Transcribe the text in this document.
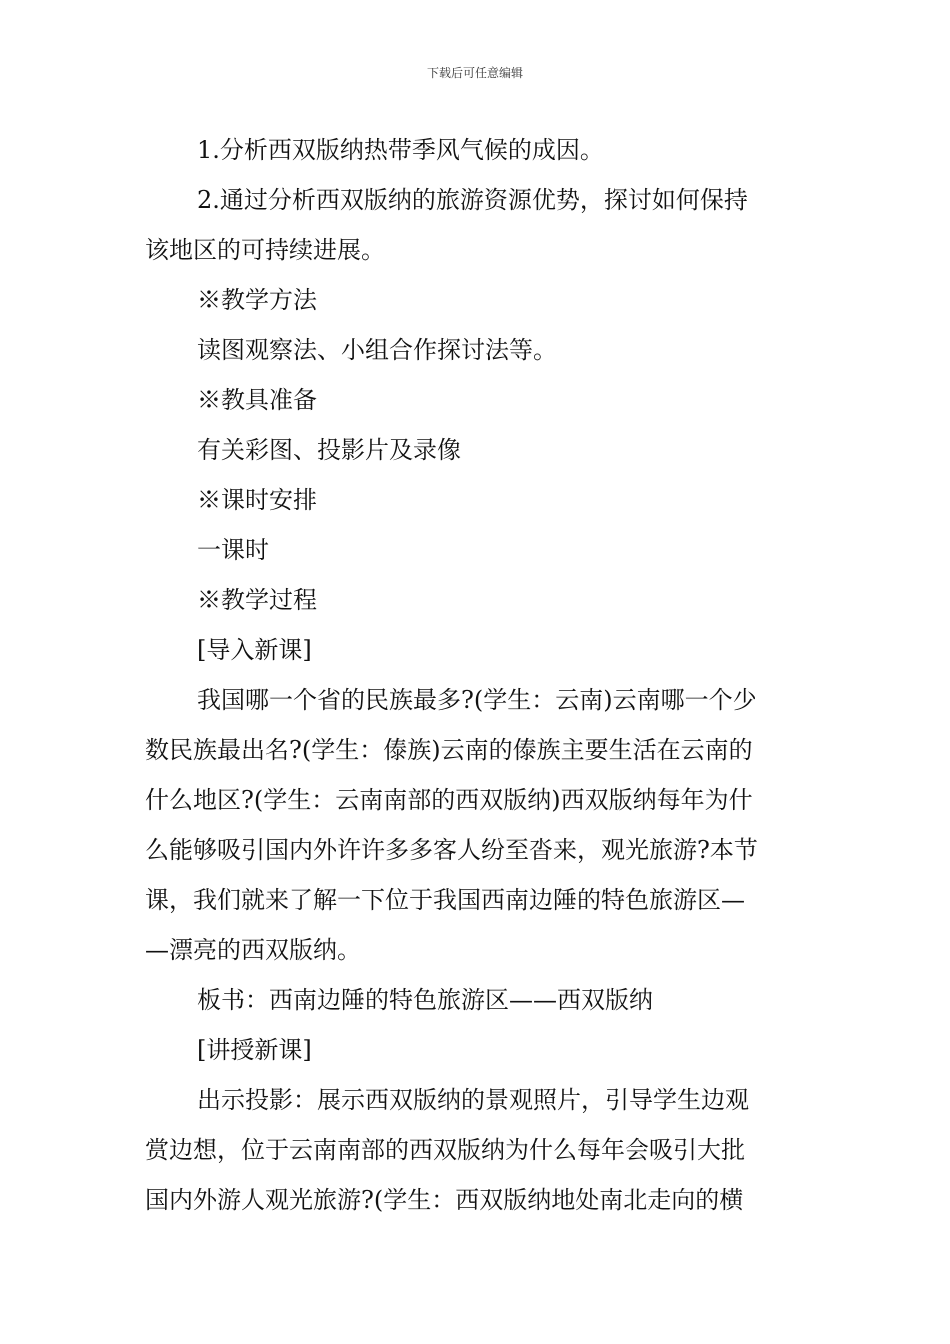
下载后可任意编辑

1.分析西双版纳热带季风气候的成因。

2.通过分析西双版纳的旅游资源优势，探讨如何保持

该地区的可持续进展。

※教学方法

读图观察法、小组合作探讨法等。

※教具准备

有关彩图、投影片及录像

※课时安排

一课时

※教学过程

[导入新课]

我国哪一个省的民族最多?(学生：云南)云南哪一个少

数民族最出名?(学生：傣族)云南的傣族主要生活在云南的

什么地区?(学生：云南南部的西双版纳)西双版纳每年为什

么能够吸引国内外许许多多客人纷至沓来，观光旅游?本节

课，我们就来了解一下位于我国西南边陲的特色旅游区—

—漂亮的西双版纳。

板书：西南边陲的特色旅游区——西双版纳

[讲授新课]

出示投影：展示西双版纳的景观照片，引导学生边观

赏边想，位于云南南部的西双版纳为什么每年会吸引大批

国内外游人观光旅游?(学生：西双版纳地处南北走向的横
